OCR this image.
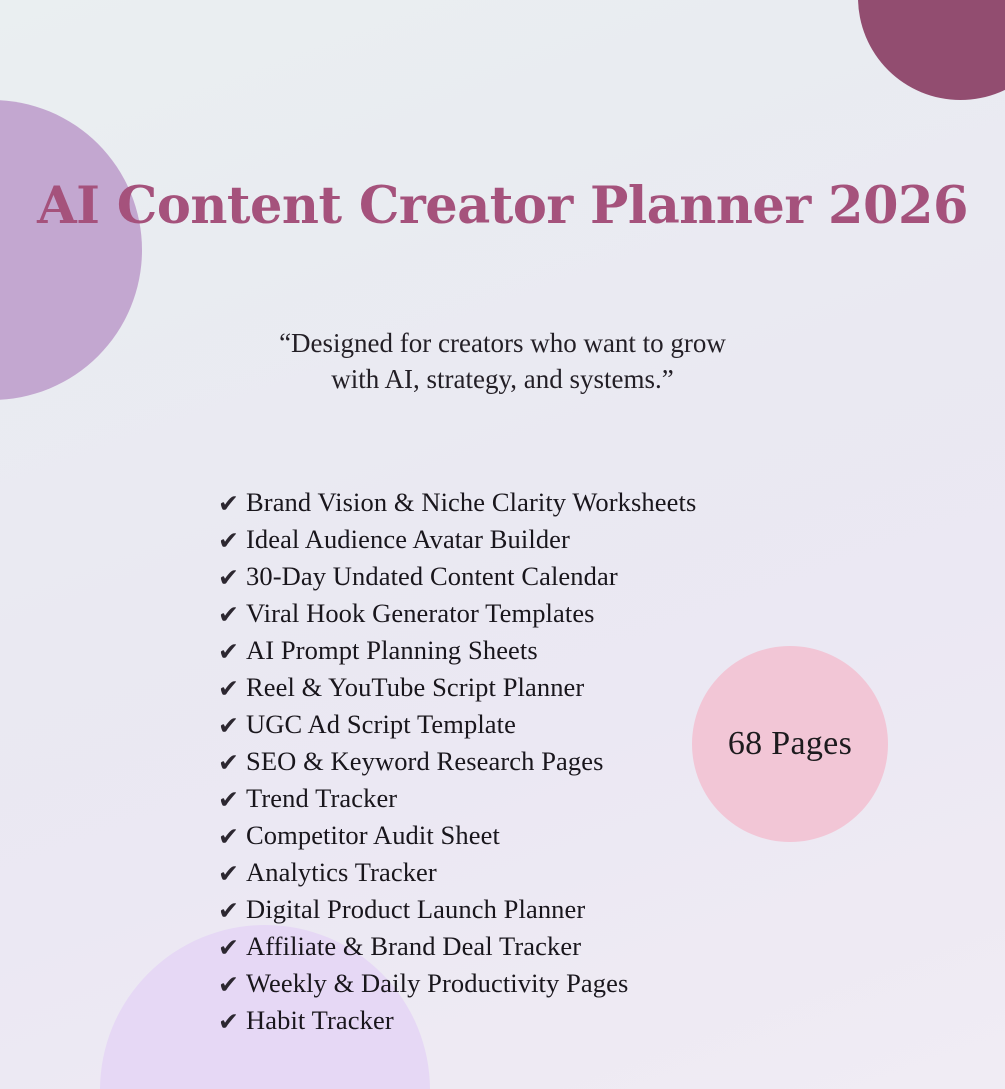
68 Pages
AI Content Creator Planner 2026
“Designed for creators who want to grow
with AI, strategy, and systems.”
✔ Brand Vision & Niche Clarity Worksheets
✔ Ideal Audience Avatar Builder
✔ 30-Day Undated Content Calendar
✔ Viral Hook Generator Templates
✔ AI Prompt Planning Sheets
✔ Reel & YouTube Script Planner
✔ UGC Ad Script Template
✔ SEO & Keyword Research Pages
✔ Trend Tracker
✔ Competitor Audit Sheet
✔ Analytics Tracker
✔ Digital Product Launch Planner
✔ Affiliate & Brand Deal Tracker
✔ Weekly & Daily Productivity Pages
✔ Habit Tracker
